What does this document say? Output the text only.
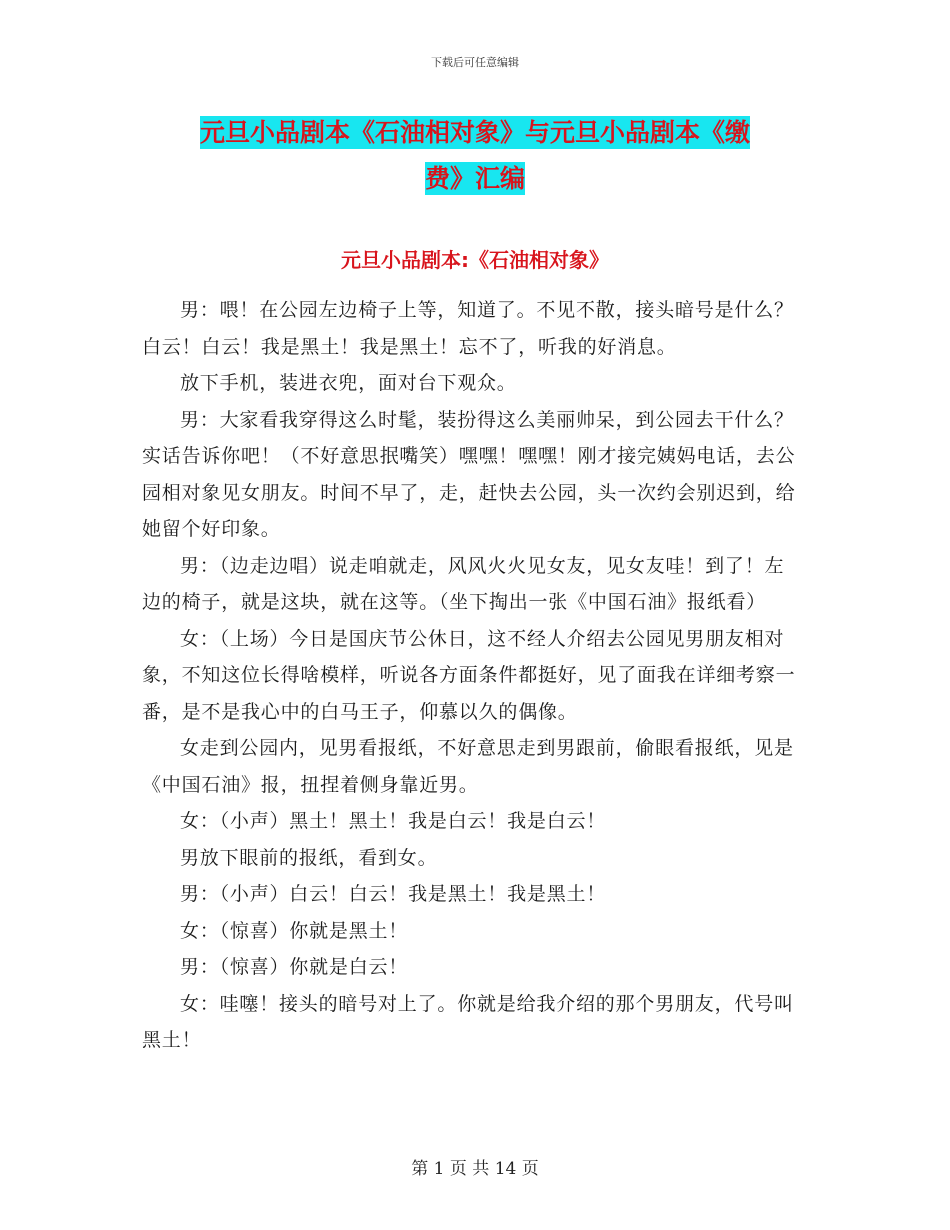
下载后可任意编辑
元旦小品剧本《石油相对象》与元旦小品剧本《缴
费》汇编
元旦小品剧本:《石油相对象》

男：喂！在公园左边椅子上等，知道了。不见不散，接头暗号是什么？白云！白云！我是黑土！我是黑土！忘不了，听我的好消息。

放下手机，装进衣兜，面对台下观众。

男：大家看我穿得这么时髦，装扮得这么美丽帅呆，到公园去干什么？实话告诉你吧！（不好意思抿嘴笑）嘿嘿！嘿嘿！刚才接完姨妈电话，去公园相对象见女朋友。时间不早了，走，赶快去公园，头一次约会别迟到，给她留个好印象。

男：（边走边唱）说走咱就走，风风火火见女友，见女友哇！到了！左边的椅子，就是这块，就在这等。（坐下掏出一张《中国石油》报纸看）

女：（上场）今日是国庆节公休日，这不经人介绍去公园见男朋友相对象，不知这位长得啥模样，听说各方面条件都挺好，见了面我在详细考察一番，是不是我心中的白马王子，仰慕以久的偶像。

女走到公园内，见男看报纸，不好意思走到男跟前，偷眼看报纸，见是《中国石油》报，扭捏着侧身靠近男。

女：（小声）黑土！黑土！我是白云！我是白云！

男放下眼前的报纸，看到女。

男：（小声）白云！白云！我是黑土！我是黑土！

女：（惊喜）你就是黑土！

男：（惊喜）你就是白云！

女：哇噻！接头的暗号对上了。你就是给我介绍的那个男朋友，代号叫黑土！

第 1 页 共 14 页
